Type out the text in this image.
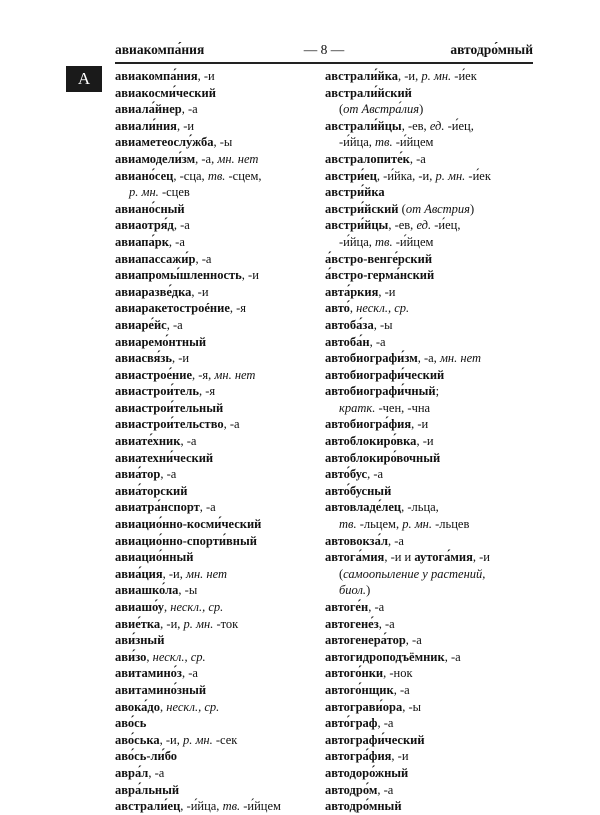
авиакомпа́ния	— 8 —	автодро́мный
А	авиакомпа́ния, -и
авиакосми́ческий
авиала́йнер, -а
авиали́ния, -и
авиаметеослу́жба, -ы
авиамодели́зм, -а, мн. нет
авиано́сец, -сца, тв. -сцем,
р. мн. -сцев
авиано́сный
авиаотря́д, -а
авиапа́рк, -а
авиапассажи́р, -а
авиапромы́шленность, -и
авиаразве́дка, -и
авиаракетостроéние, -я
авиаре́йс, -а
авиаремо́нтный
авиасвя́зь, -и
авиастрое́ние, -я, мн. нет
авиастрои́тель, -я
авиастрои́тельный
авиастрои́тельство, -а
авиате́хник, -а
авиатехни́ческий
авиа́тор, -а
авиа́торский
авиатра́нспорт, -а
авиацио́нно-косми́ческий
авиацио́нно-спорти́вный
авиацио́нный
авиа́ция, -и, мн. нет
авиашко́ла, -ы
авиашо́у, нескл., ср.
авие́тка, -и, р. мн. -ток
ави́зный
ави́зо, нескл., ср.
авитамино́з, -а
авитамино́зный
авока́до, нескл., ср.
аво́сь
аво́ська, -и, р. мн. -сек
аво́сь-ли́бо
авра́л, -а
авра́льный
австрали́ец, -и́йца, тв. -и́йцем
австрали́йка, -и, р. мн. -и́ек
австрали́йский
(от Австра́лия)
австрали́йцы, -ев, ед. -и́ец,
-и́йца, тв. -и́йцем
австралопите́к, -а
австри́ец, -и́йка, -и, р. мн. -и́ек
австри́йка
австри́йский (от Австрия)
австри́йцы, -ев, ед. -и́ец,
-и́йца, тв. -и́йцем
а́встро-венге́рский
а́встро-герма́нский
авта́ркия, -и
авто́, нескл., ср.
автоба́за, -ы
автоба́н, -а
автобиографи́зм, -а, мн. нет
автобиографи́ческий
автобиографи́чный;
кратк. -чен, -чна
автобиогра́фия, -и
автоблокиро́вка, -и
автоблокиро́вочный
авто́бус, -а
авто́бусный
автовладе́лец, -льца,
тв. -льцем, р. мн. -льцев
автовокза́л, -а
автога́мия, -и и аутога́мия, -и
(самоопыление у растений,
биол.)
автоге́н, -а
автогене́з, -а
автогенера́тор, -а
автогидроподъёмник, -а
автого́нки, -нок
автого́нщик, -а
автограви́ора, -ы
авто́граф, -а
автографи́ческий
автогра́фия, -и
автодоро́жный
автодро́м, -а
автодро́мный
